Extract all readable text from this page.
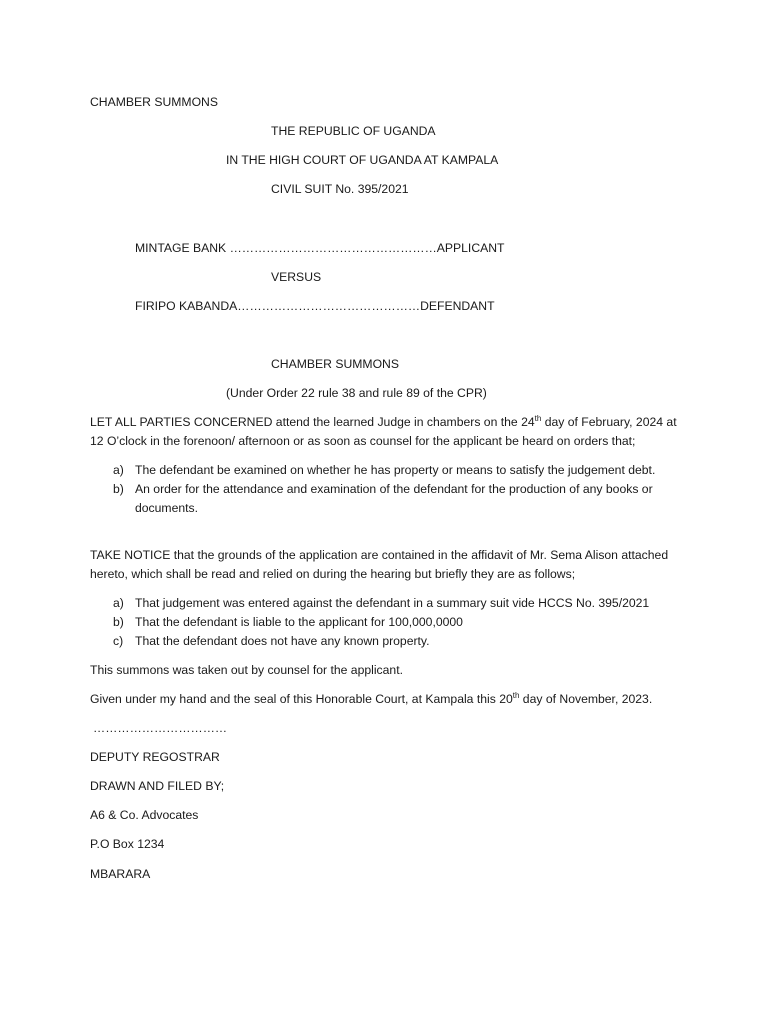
CHAMBER SUMMONS
THE REPUBLIC OF UGANDA
IN THE HIGH COURT OF UGANDA AT KAMPALA
CIVIL SUIT No. 395/2021
MINTAGE BANK ……………………………………………APPLICANT
VERSUS
FIRIPO KABANDA………………………………………DEFENDANT
CHAMBER SUMMONS
(Under Order 22 rule 38 and rule 89 of the CPR)
LET ALL PARTIES CONCERNED attend the learned Judge in chambers on the 24th day of February, 2024 at 12 O’clock in the forenoon/ afternoon or as soon as counsel for the applicant be heard on orders that;
a) The defendant be examined on whether he has property or means to satisfy the judgement debt.
b) An order for the attendance and examination of the defendant for the production of any books or documents.
TAKE NOTICE that the grounds of the application are contained in the affidavit of Mr. Sema Alison attached hereto, which shall be read and relied on during the hearing but briefly they are as follows;
a) That judgement was entered against the defendant in a summary suit vide HCCS No. 395/2021
b) That the defendant is liable to the applicant for 100,000,0000
c) That the defendant does not have any known property.
This summons was taken out by counsel for the applicant.
Given under my hand and the seal of this Honorable Court, at Kampala this 20th day of November, 2023.
……………………………
DEPUTY REGOSTRAR
DRAWN AND FILED BY;
A6 & Co. Advocates
P.O Box 1234
MBARARA
